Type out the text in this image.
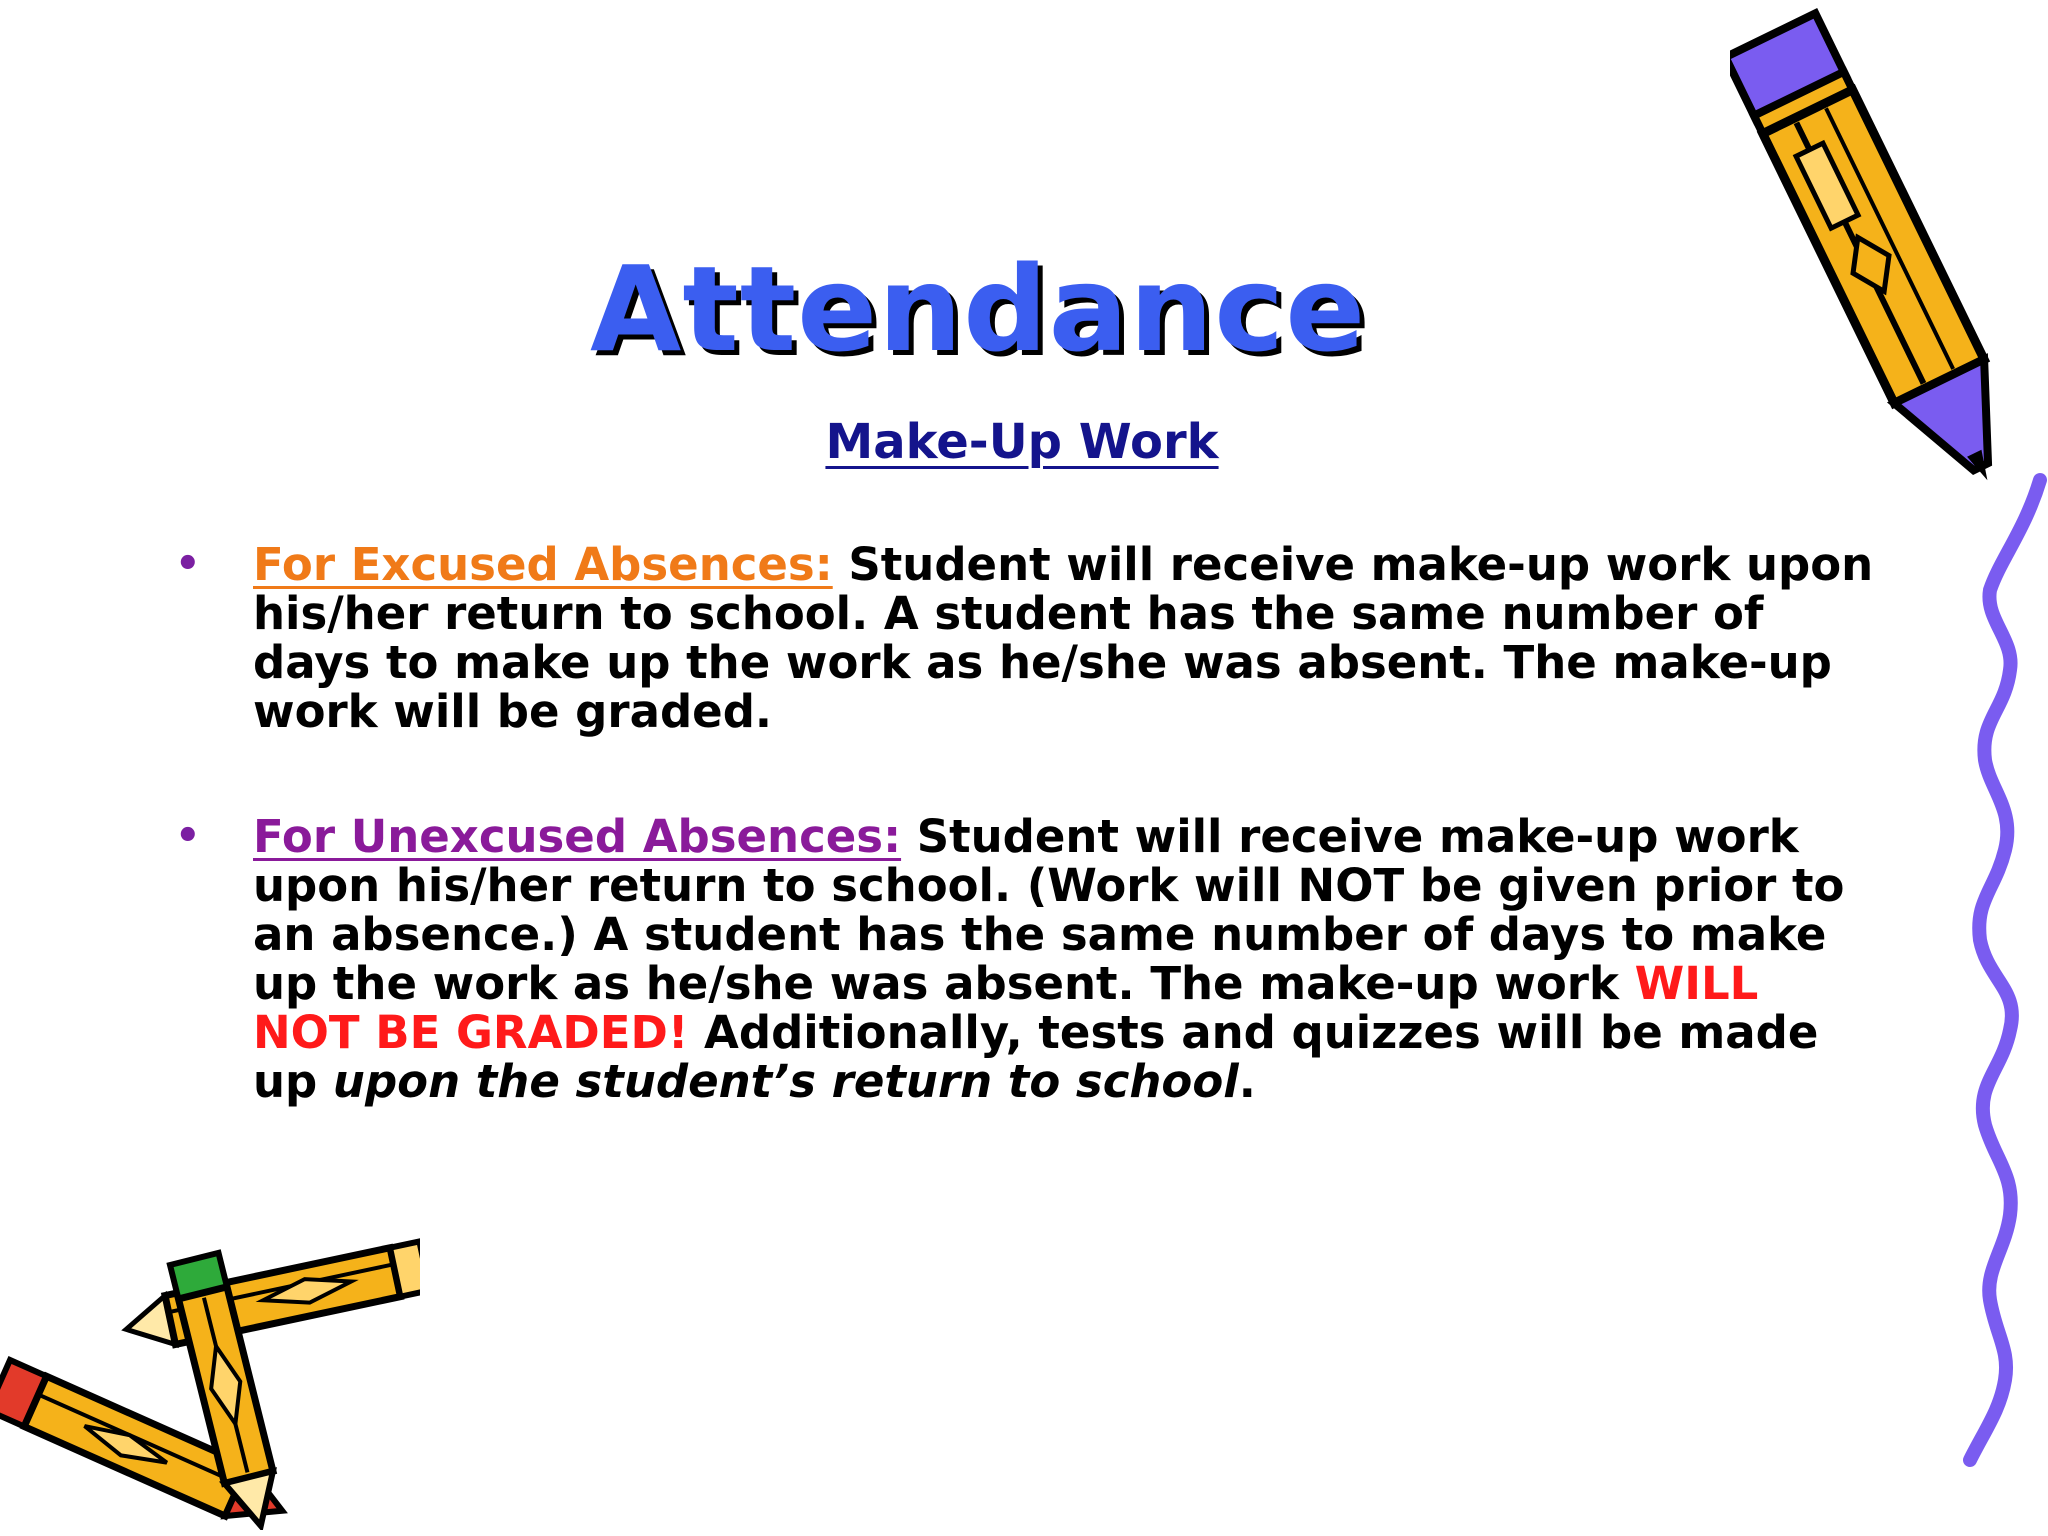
Attendance
Make-Up Work
• For Excused Absences: Student will receive make-up work upon his/her return to school. A student has the same number of days to make up the work as he/she was absent. The make-up work will be graded.
• For Unexcused Absences: Student will receive make-up work upon his/her return to school. (Work will NOT be given prior to an absence.) A student has the same number of days to make up the work as he/she was absent. The make-up work WILL NOT BE GRADED! Additionally, tests and quizzes will be made up upon the student’s return to school.
